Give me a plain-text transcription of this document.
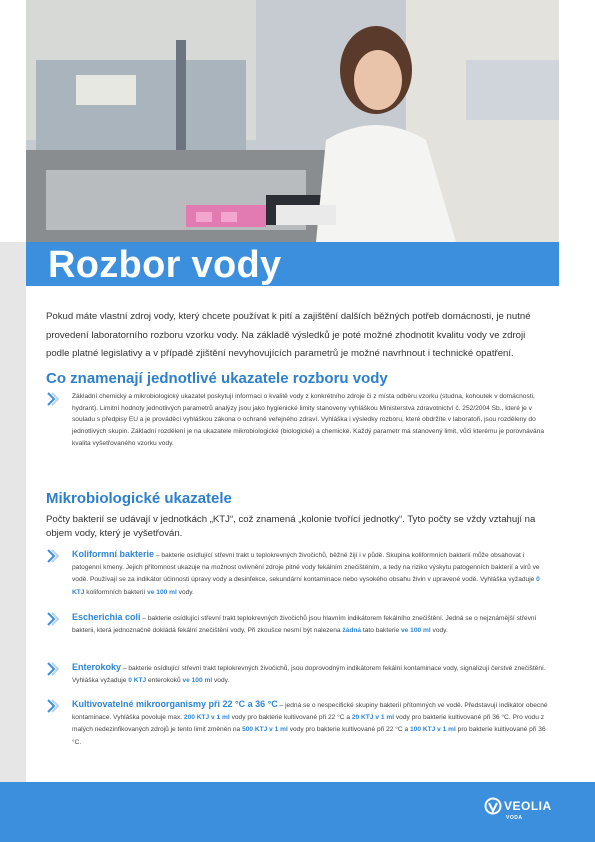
Rozbor vody

Pokud máte vlastní zdroj vody, který chcete používat k pití a zajištění dalších běžných potřeb domácnosti, je nutné provedení laboratorního rozboru vzorku vody. Na základě výsledků je poté možné zhodnotit kvalitu vody ve zdroji podle platné legislativy a v případě zjištění nevyhovujících parametrů je možné navrhnout i technické opatření.

Co znamenají jednotlivé ukazatele rozboru vody

Základní chemický a mikrobiologický ukazatel poskytují informaci o kvalitě vody z konkrétního zdroje či z místa odběru vzorku (studna, kohoutek v domácnosti, hydrant). Limitní hodnoty jednotlivých parametrů analýzy jsou jako hygienické limity stanoveny vyhláškou Ministerstva zdravotnictví č. 252/2004 Sb., které je v souladu s předpisy EU a je prováděcí vyhláškou zákona o ochraně veřejného zdraví. Vyhláška i výsledky rozboru, které obdržíte v laboratoři, jsou rozděleny do jednotlivých skupin. Základní rozdělení je na ukazatele mikrobiologické (biologické) a chemické. Každý parametr má stanovený limit, vůči kterému je porovnávána kvalita vyšetřovaného vzorku vody.

Mikrobiologické ukazatele

Počty bakterií se udávají v jednotkách „KTJ“, což znamená „kolonie tvořící jednotky“. Tyto počty se vždy vztahují na objem vody, který je vyšetřován.

Koliformní bakterie – bakterie osídlující střevní trakt u teplokrevných živočichů, běžně žijí i v půdě. Skupina koliformních bakterií může obsahovat i patogenní kmeny. Jejich přítomnost ukazuje na možnost ovlivnění zdroje pitné vody fekálním znečištěním, a tedy na riziko výskytu patogenních bakterií a virů ve vodě. Používají se za indikátor účinnosti úpravy vody a desinfekce, sekundární kontaminace nebo vysokého obsahu živin v upravené vodě. Vyhláška vyžaduje 0 KTJ koliformních bakterií ve 100 ml vody.

Escherichia coli – bakterie osídlující střevní trakt teplokrevných živočichů jsou hlavním indikátorem fekálního znečištění. Jedná se o nejznámější střevní bakterii, která jednoznačně dokládá fekální znečištění vody. Při zkoušce nesmí být nalezena žádná tato bakterie ve 100 ml vody.

Enterokoky – bakterie osídlující střevní trakt teplokrevných živočichů, jsou doprovodným indikátorem fekální kontaminace vody, signalizují čerstvé znečištění. Vyhláška vyžaduje 0 KTJ enterokoků ve 100 ml vody.

Kultivovatelné mikroorganismy při 22 °C a 36 °C – jedná se o nespecifické skupiny bakterií přítomných ve vodě. Představují indikátor obecné kontaminace. Vyhláška povoluje max. 200 KTJ v 1 ml vody pro bakterie kultivované při 22 °C a 20 KTJ v 1 ml vody pro bakterie kultivované při 36 °C. Pro vodu z malých nedezinfikovaných zdrojů je tento limit změněn na 500 KTJ v 1 ml vody pro bakterie kultivované při 22 °C a 100 KTJ v 1 ml pro bakterie kultivované při 36 °C.

VEOLIA
VODA
